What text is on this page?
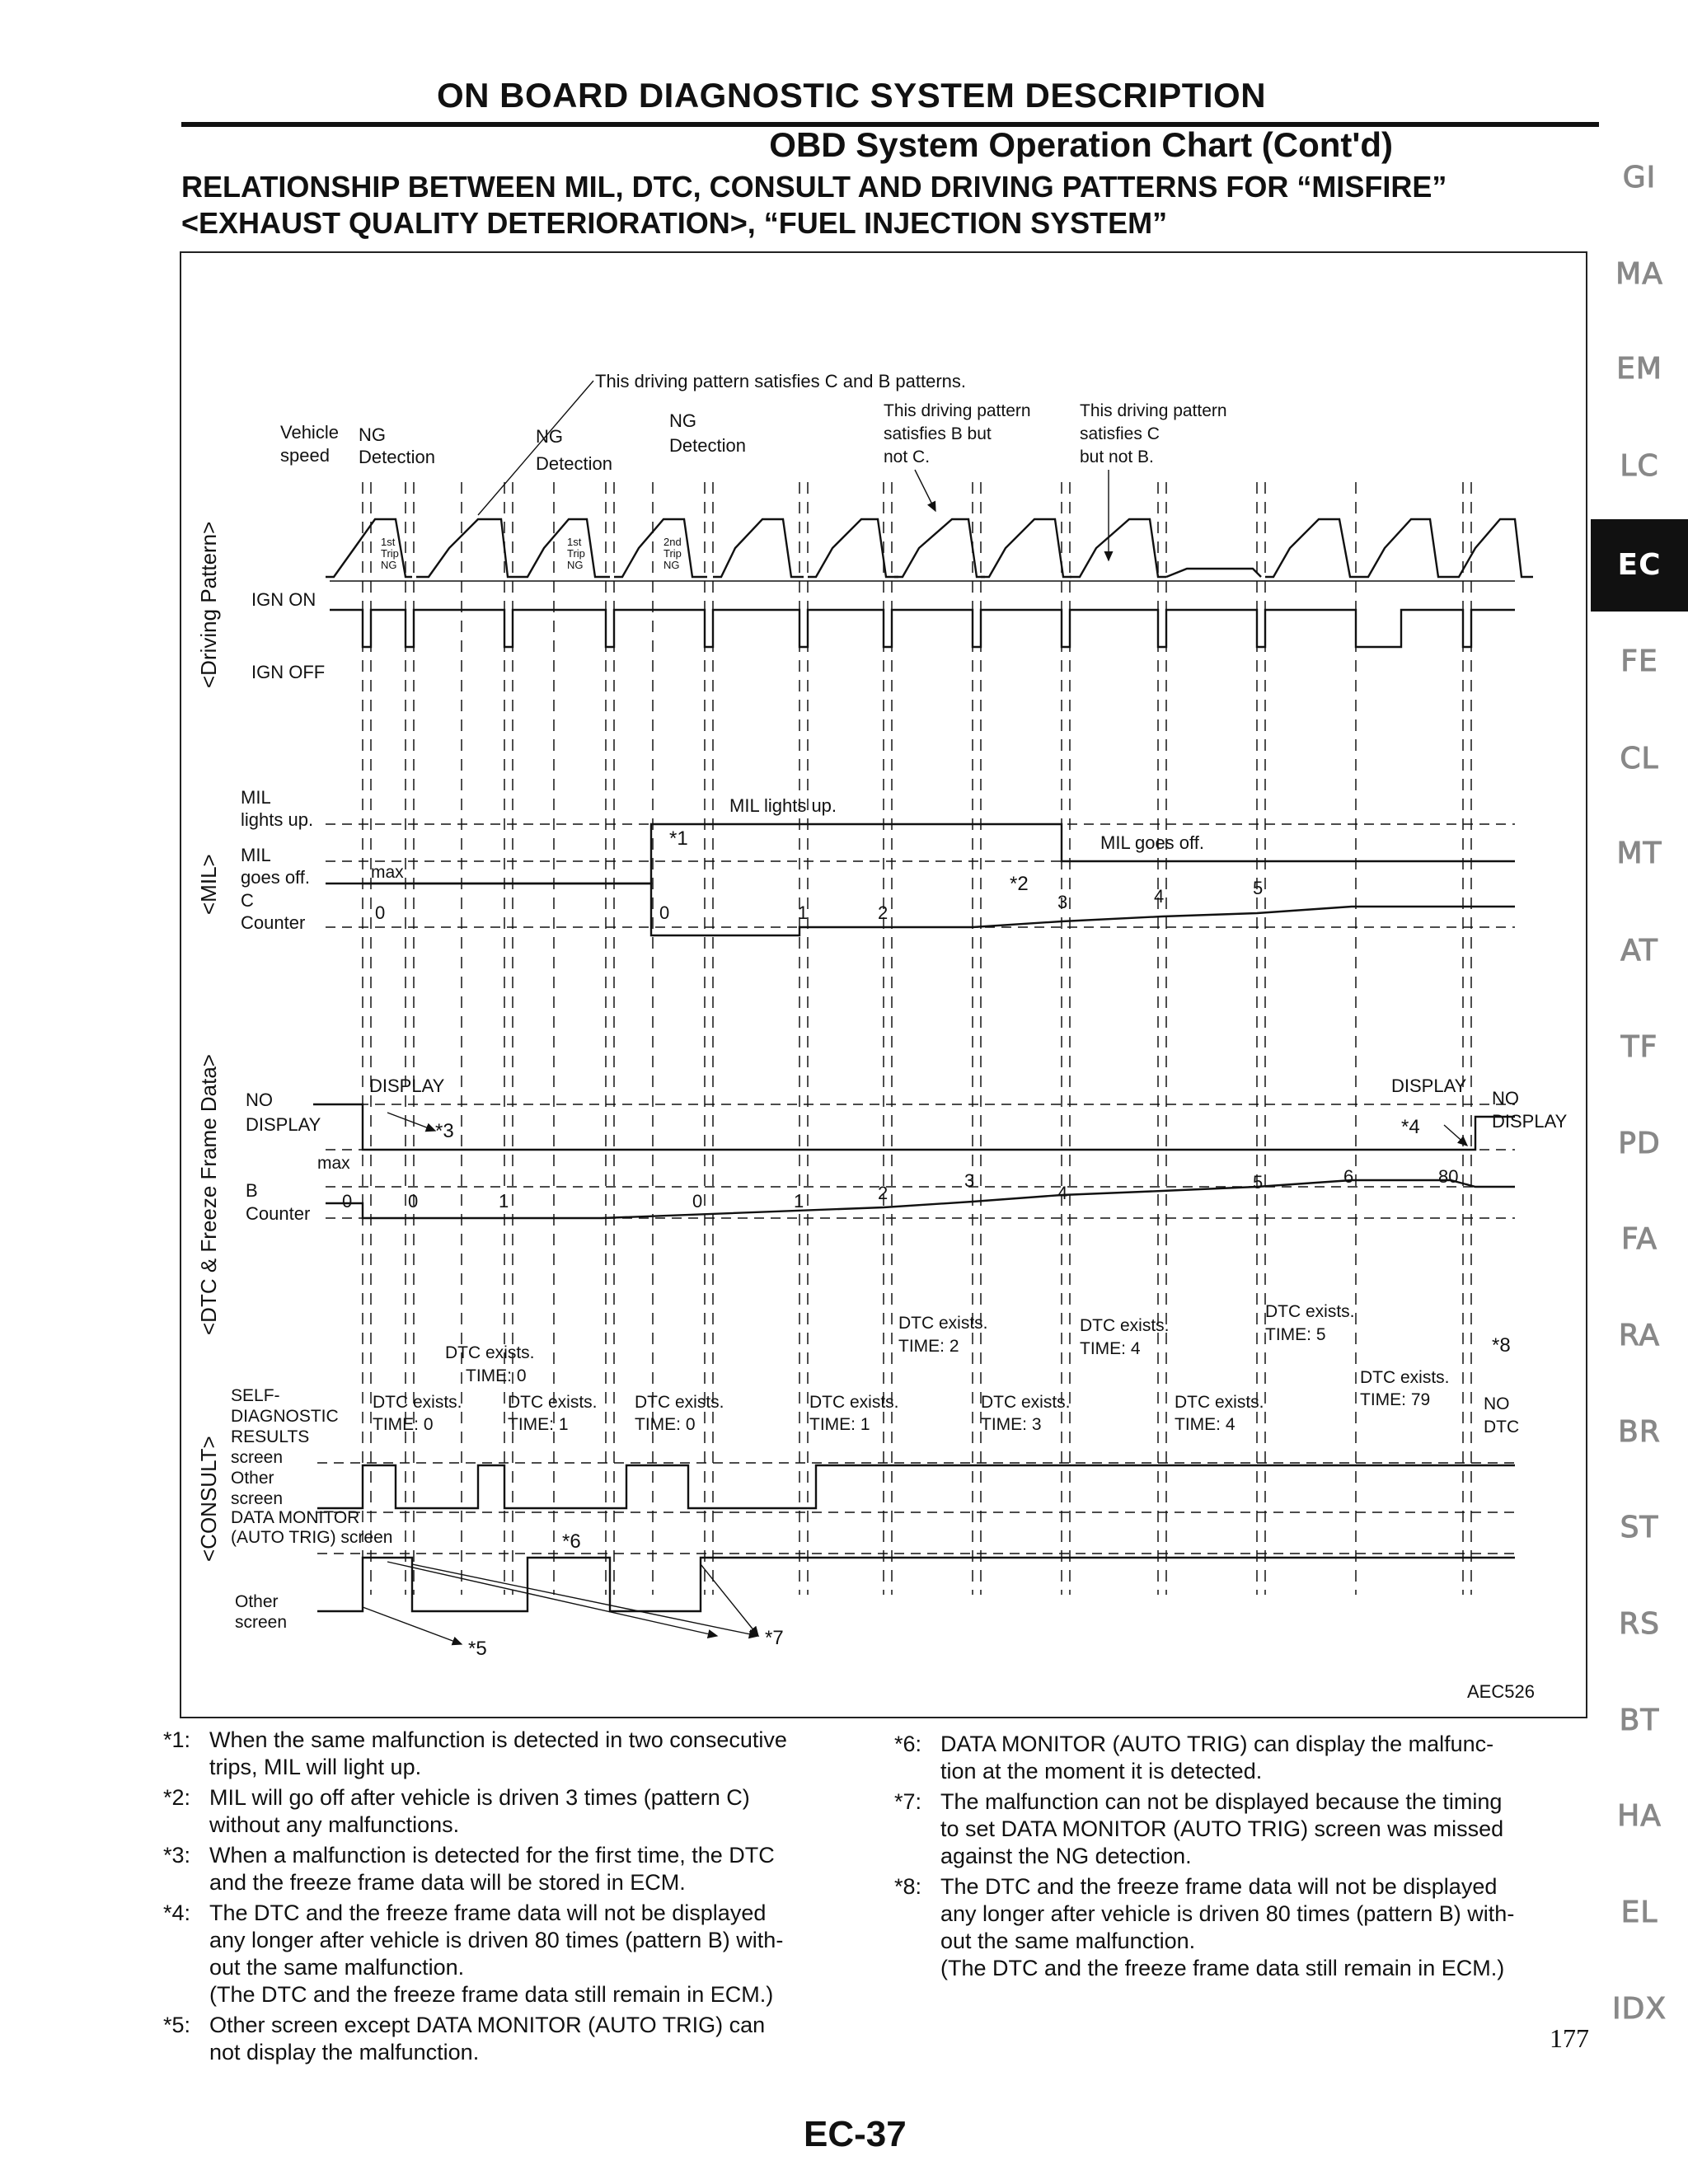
ON BOARD DIAGNOSTIC SYSTEM DESCRIPTION
OBD System Operation Chart (Cont'd)
RELATIONSHIP BETWEEN MIL, DTC, CONSULT AND DRIVING PATTERNS FOR “MISFIRE”
<EXHAUST QUALITY DETERIORATION>, “FUEL INJECTION SYSTEM”
GI
MA
EM
LC
EC
FE
CL
MT
AT
TF
PD
FA
RA
BR
ST
RS
BT
HA
EL
IDX
<Driving Pattern>
<MIL>
<DTC & Freeze Frame Data>
<CONSULT>
1st
Trip
NG
1st
Trip
NG
2nd
Trip
NG
Vehicle
speed
NG
Detection
NG
Detection
NG
Detection
This driving pattern satisfies C and B patterns.
This driving pattern
satisfies B but
not C.
This driving pattern
satisfies C
but not B.
IGN ON
IGN OFF
MIL
lights up.
MIL
goes off.
C
Counter
MIL lights up.
MIL goes off.
max
*1
*2
0	0	1	2
3	4	5
NO
DISPLAY
DISPLAY	DISPLAY
NO
DISPLAY
max
B
Counter
*3	*4
0	0	1	0	1	2
3
4
5	6	80
DTC exists.
TIME: 0
DTC exists.
TIME: 1
DTC exists.
TIME: 0
DTC exists.
TIME: 1
DTC exists.
TIME: 3
DTC exists.
TIME: 4
DTC exists.
TIME: 0
DTC exists.
TIME: 2
DTC exists.
TIME: 4
DTC exists.
TIME: 5
DTC exists.
TIME: 79	NO
DTC
*8
SELF-
DIAGNOSTIC
RESULTS
screen
Other
screen
DATA MONITOR
(AUTO TRIG) screen
Other
screen
*5
*6
*7
AEC526
*1: When the same malfunction is detected in two consecutive
trips, MIL will light up.
*2: MIL will go off after vehicle is driven 3 times (pattern C)
without any malfunctions.
*3: When a malfunction is detected for the first time, the DTC
and the freeze frame data will be stored in ECM.
*4: The DTC and the freeze frame data will not be displayed
any longer after vehicle is driven 80 times (pattern B) with-
out the same malfunction.
(The DTC and the freeze frame data still remain in ECM.)
*5: Other screen except DATA MONITOR (AUTO TRIG) can
not display the malfunction.
*6: DATA MONITOR (AUTO TRIG) can display the malfunc-
tion at the moment it is detected.
*7: The malfunction can not be displayed because the timing
to set DATA MONITOR (AUTO TRIG) screen was missed
against the NG detection.
*8: The DTC and the freeze frame data will not be displayed
any longer after vehicle is driven 80 times (pattern B) with-
out the same malfunction.
(The DTC and the freeze frame data still remain in ECM.)
177
EC-37
